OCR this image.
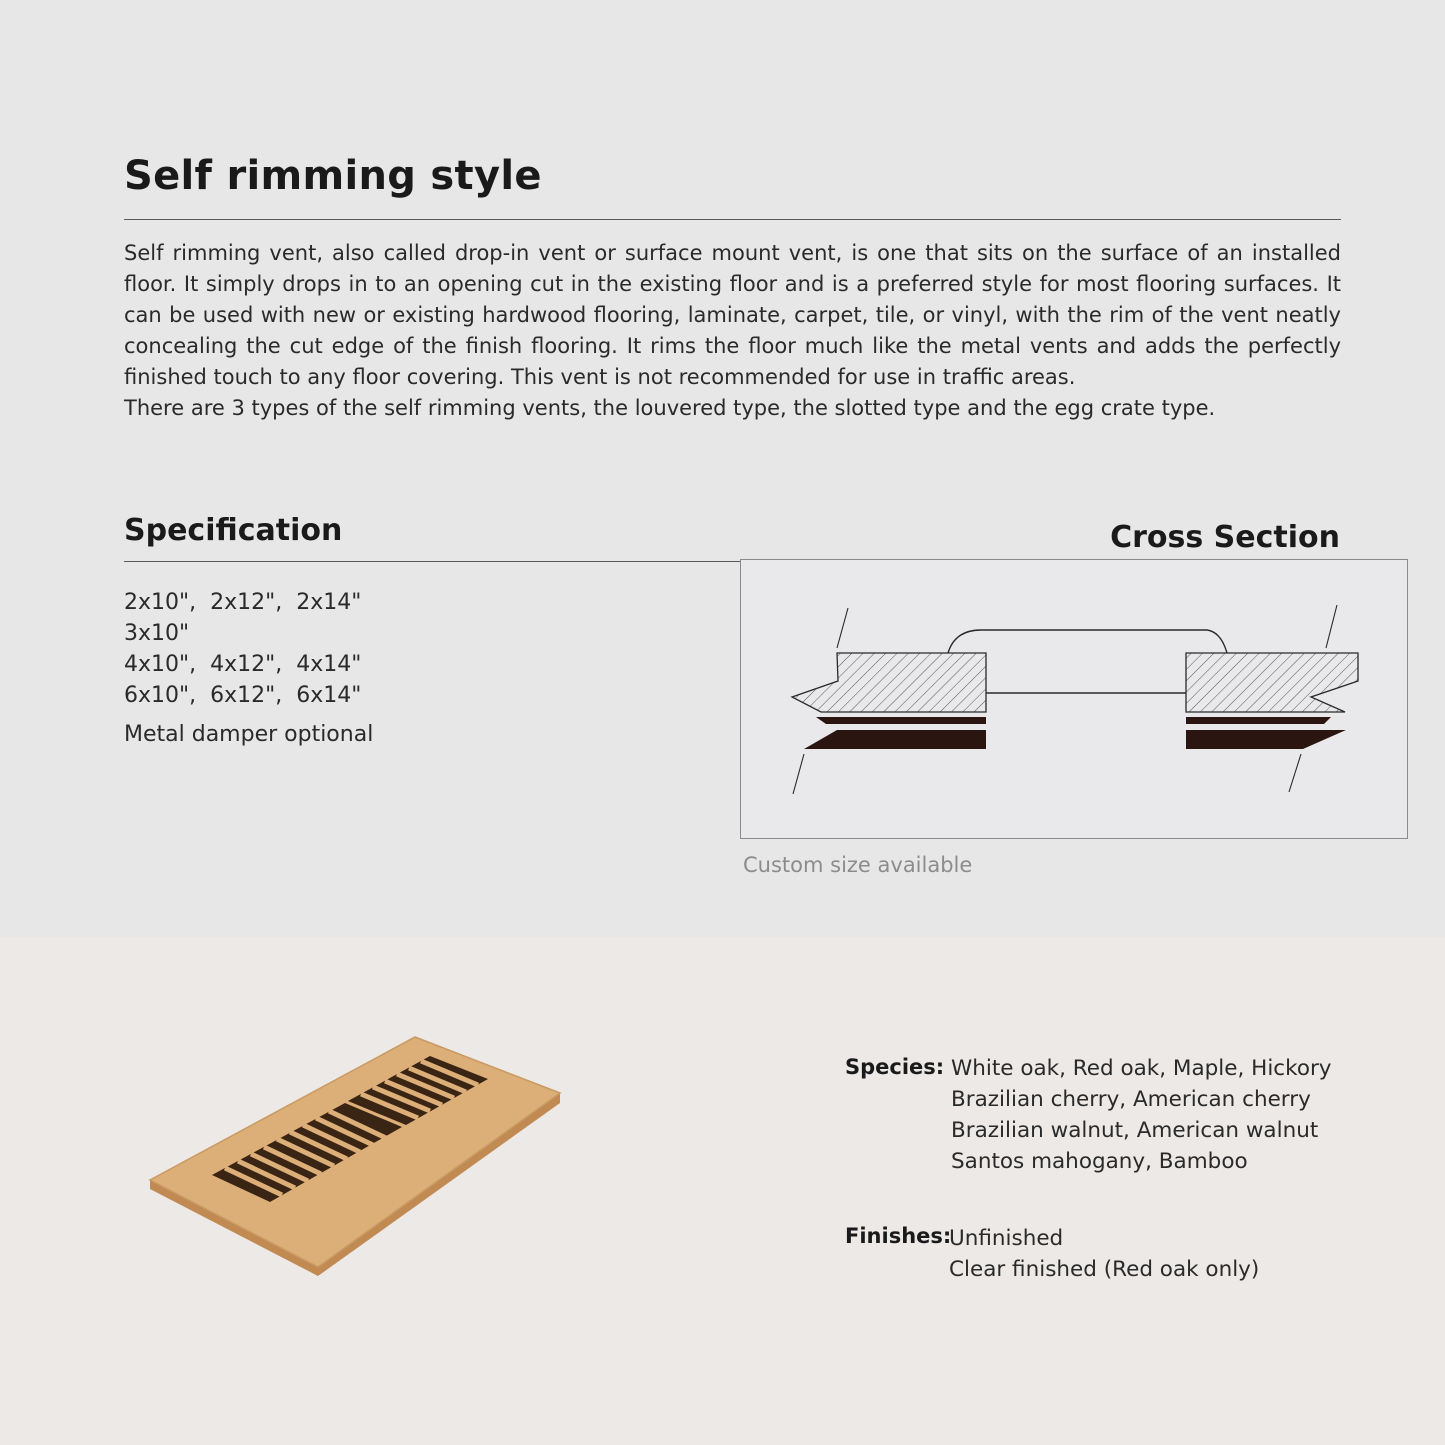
Self rimming style

Self rimming vent, also called drop-in vent or surface mount vent, is one that sits on the surface of an installed floor. It simply drops in to an opening cut in the existing floor and is a preferred style for most flooring surfaces. It can be used with new or existing hardwood flooring, laminate, carpet, tile, or vinyl, with the rim of the vent neatly concealing the cut edge of the finish flooring. It rims the floor much like the metal vents and adds the perfectly finished touch to any floor covering. This vent is not recommended for use in traffic areas.

There are 3 types of the self rimming vents, the louvered type, the slotted type and the egg crate type.

Specification
2x10",  2x12",  2x14"
3x10"
4x10",  4x12",  4x14"
6x10",  6x12",  6x14"

Metal damper optional

Cross Section

Custom size available

Species: White oak, Red oak, Maple, Hickory
Brazilian cherry, American cherry
Brazilian walnut, American walnut
Santos mahogany, Bamboo

Finishes:

Unfinished
Clear finished (Red oak only)
